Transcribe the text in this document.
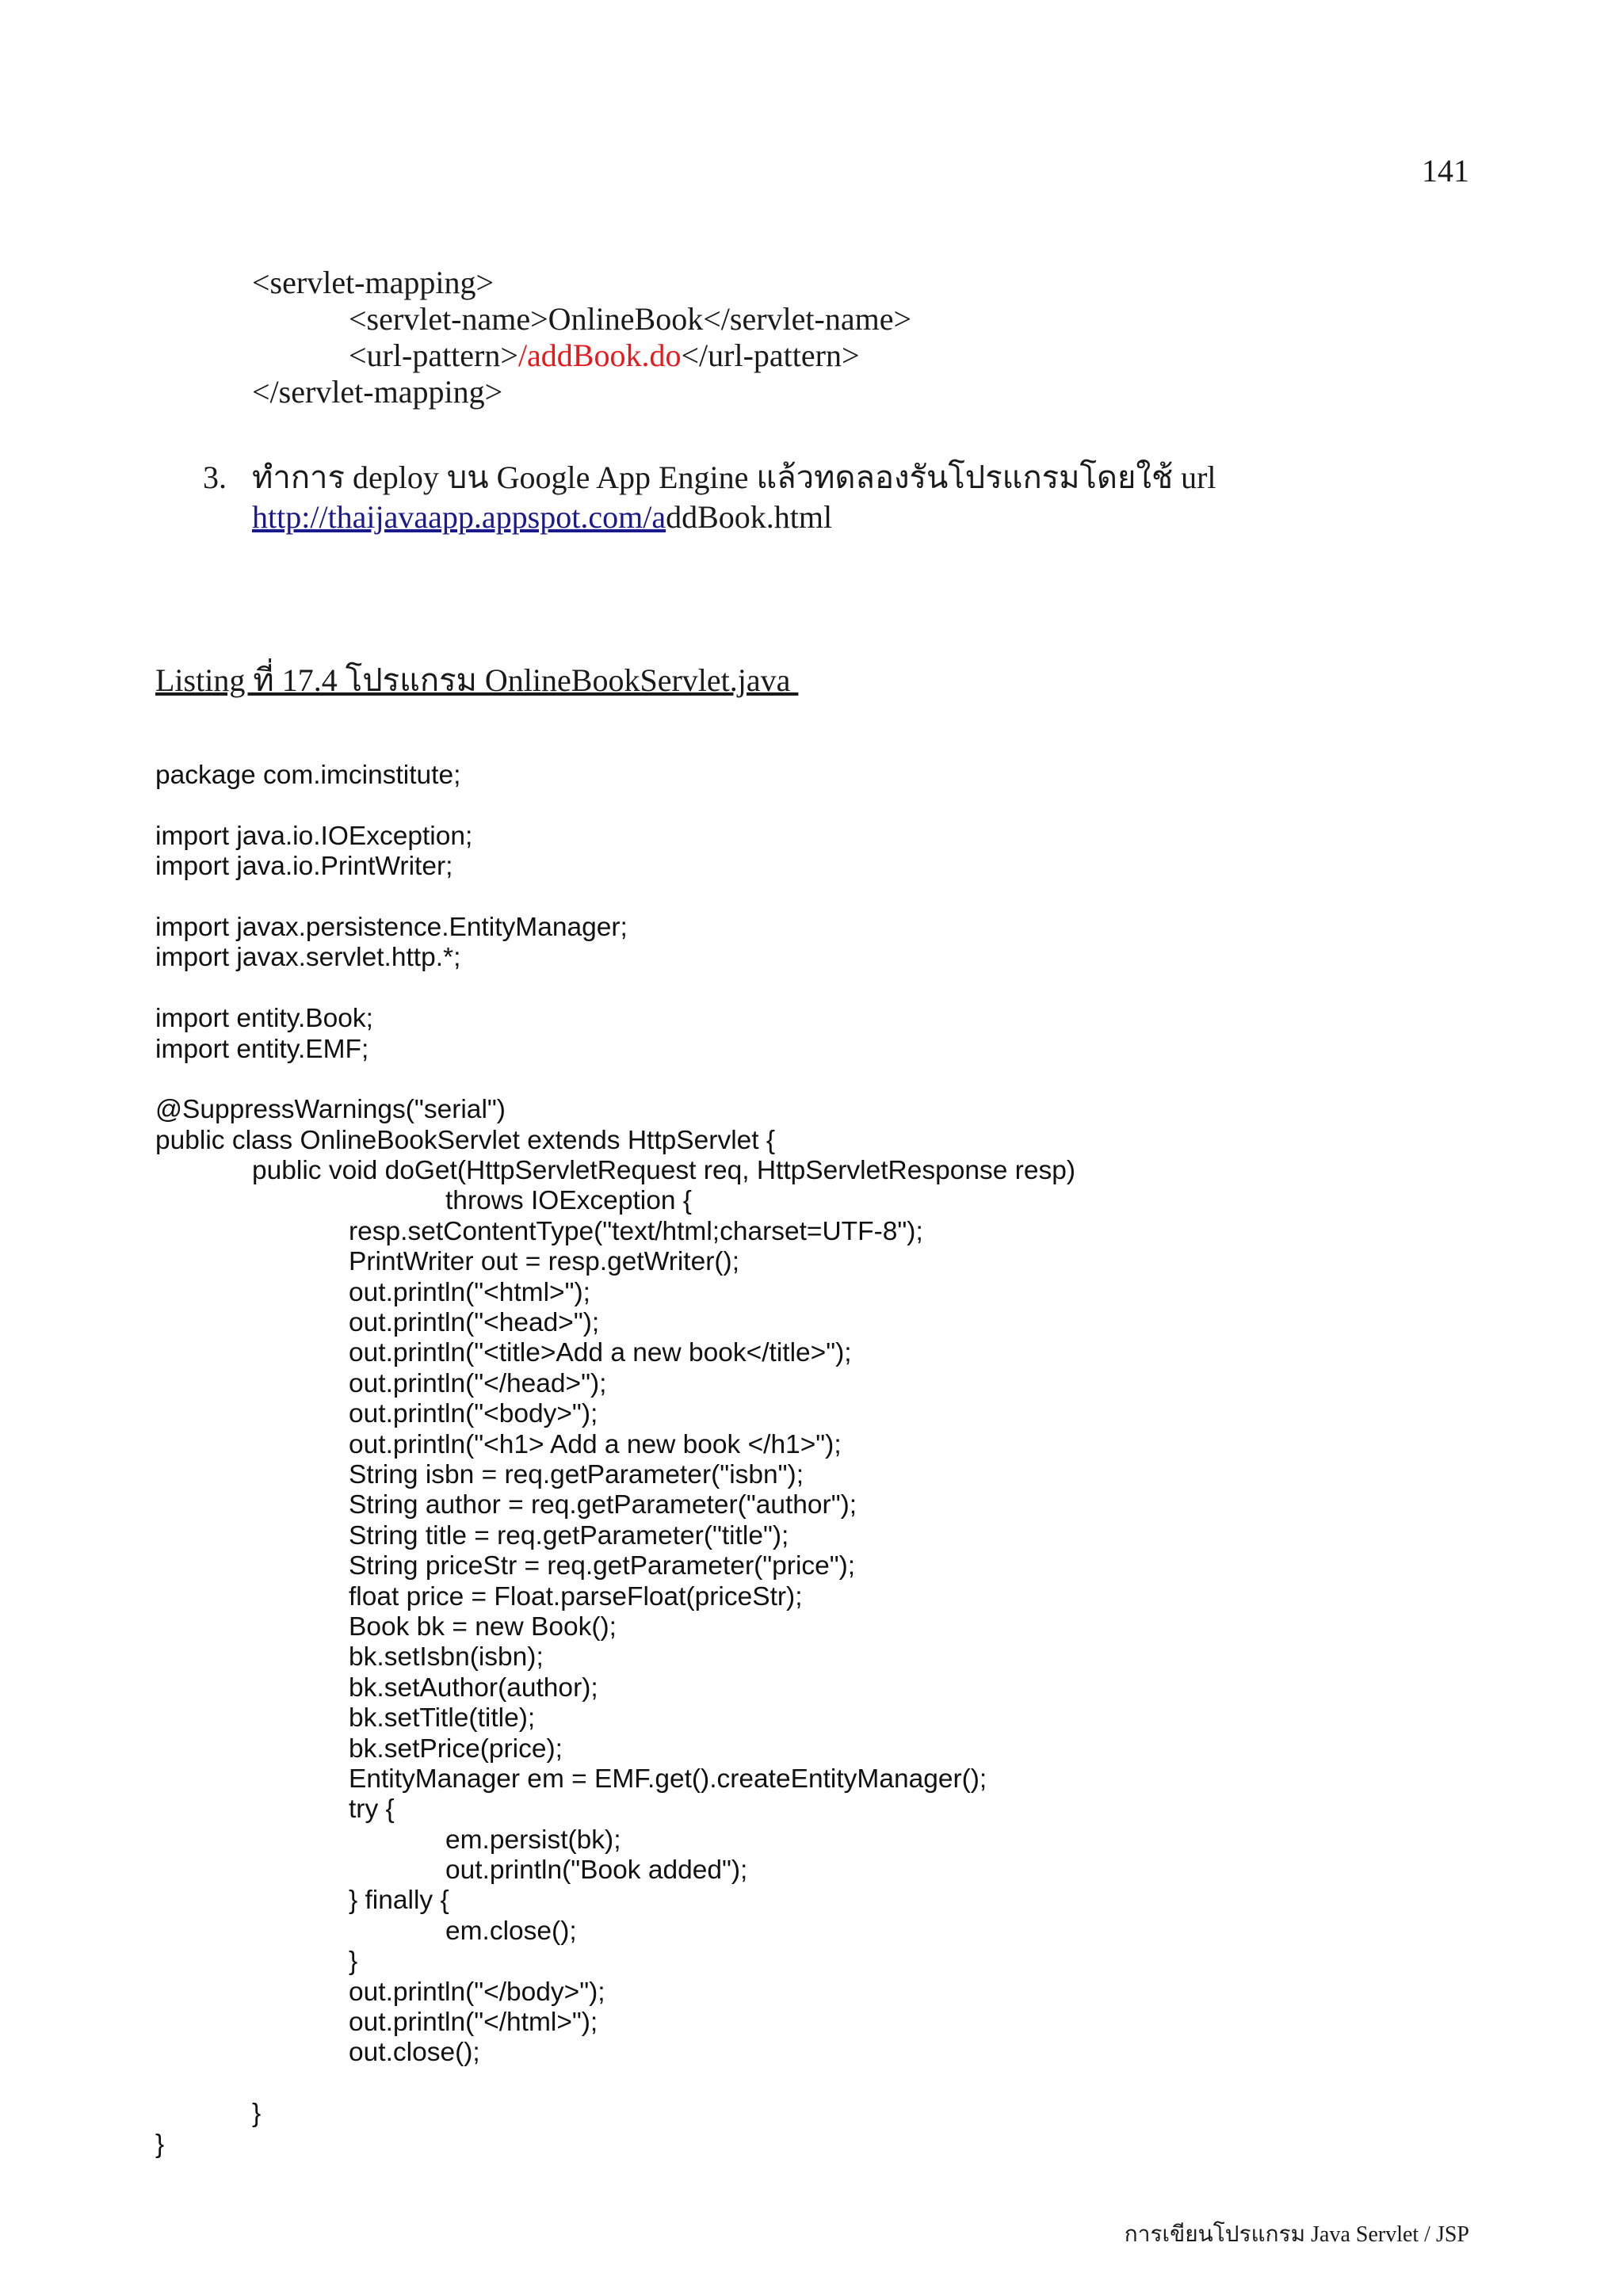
141
<servlet-mapping>
<servlet-name>OnlineBook</servlet-name>
<url-pattern>/addBook.do</url-pattern>
</servlet-mapping>
3. ทำการ deploy บน Google App Engine แล้วทดลองรันโปรแกรมโดยใช้ url
http://thaijavaapp.appspot.com/addBook.html
Listing ที่ 17.4 โปรแกรม OnlineBookServlet.java
package com.imcinstitute;
import java.io.IOException;
import java.io.PrintWriter;
import javax.persistence.EntityManager;
import javax.servlet.http.*;
import entity.Book;
import entity.EMF;
@SuppressWarnings("serial")
public class OnlineBookServlet extends HttpServlet {
public void doGet(HttpServletRequest req, HttpServletResponse resp)
throws IOException {
resp.setContentType("text/html;charset=UTF-8");
PrintWriter out = resp.getWriter();
out.println("<html>");
out.println("<head>");
out.println("<title>Add a new book</title>");
out.println("</head>");
out.println("<body>");
out.println("<h1> Add a new book </h1>");
String isbn = req.getParameter("isbn");
String author = req.getParameter("author");
String title = req.getParameter("title");
String priceStr = req.getParameter("price");
float price = Float.parseFloat(priceStr);
Book bk = new Book();
bk.setIsbn(isbn);
bk.setAuthor(author);
bk.setTitle(title);
bk.setPrice(price);
EntityManager em = EMF.get().createEntityManager();
try {
em.persist(bk);
out.println("Book added");
} finally {
em.close();
}
out.println("</body>");
out.println("</html>");
out.close();
}
}
การเขียนโปรแกรม Java Servlet / JSP
